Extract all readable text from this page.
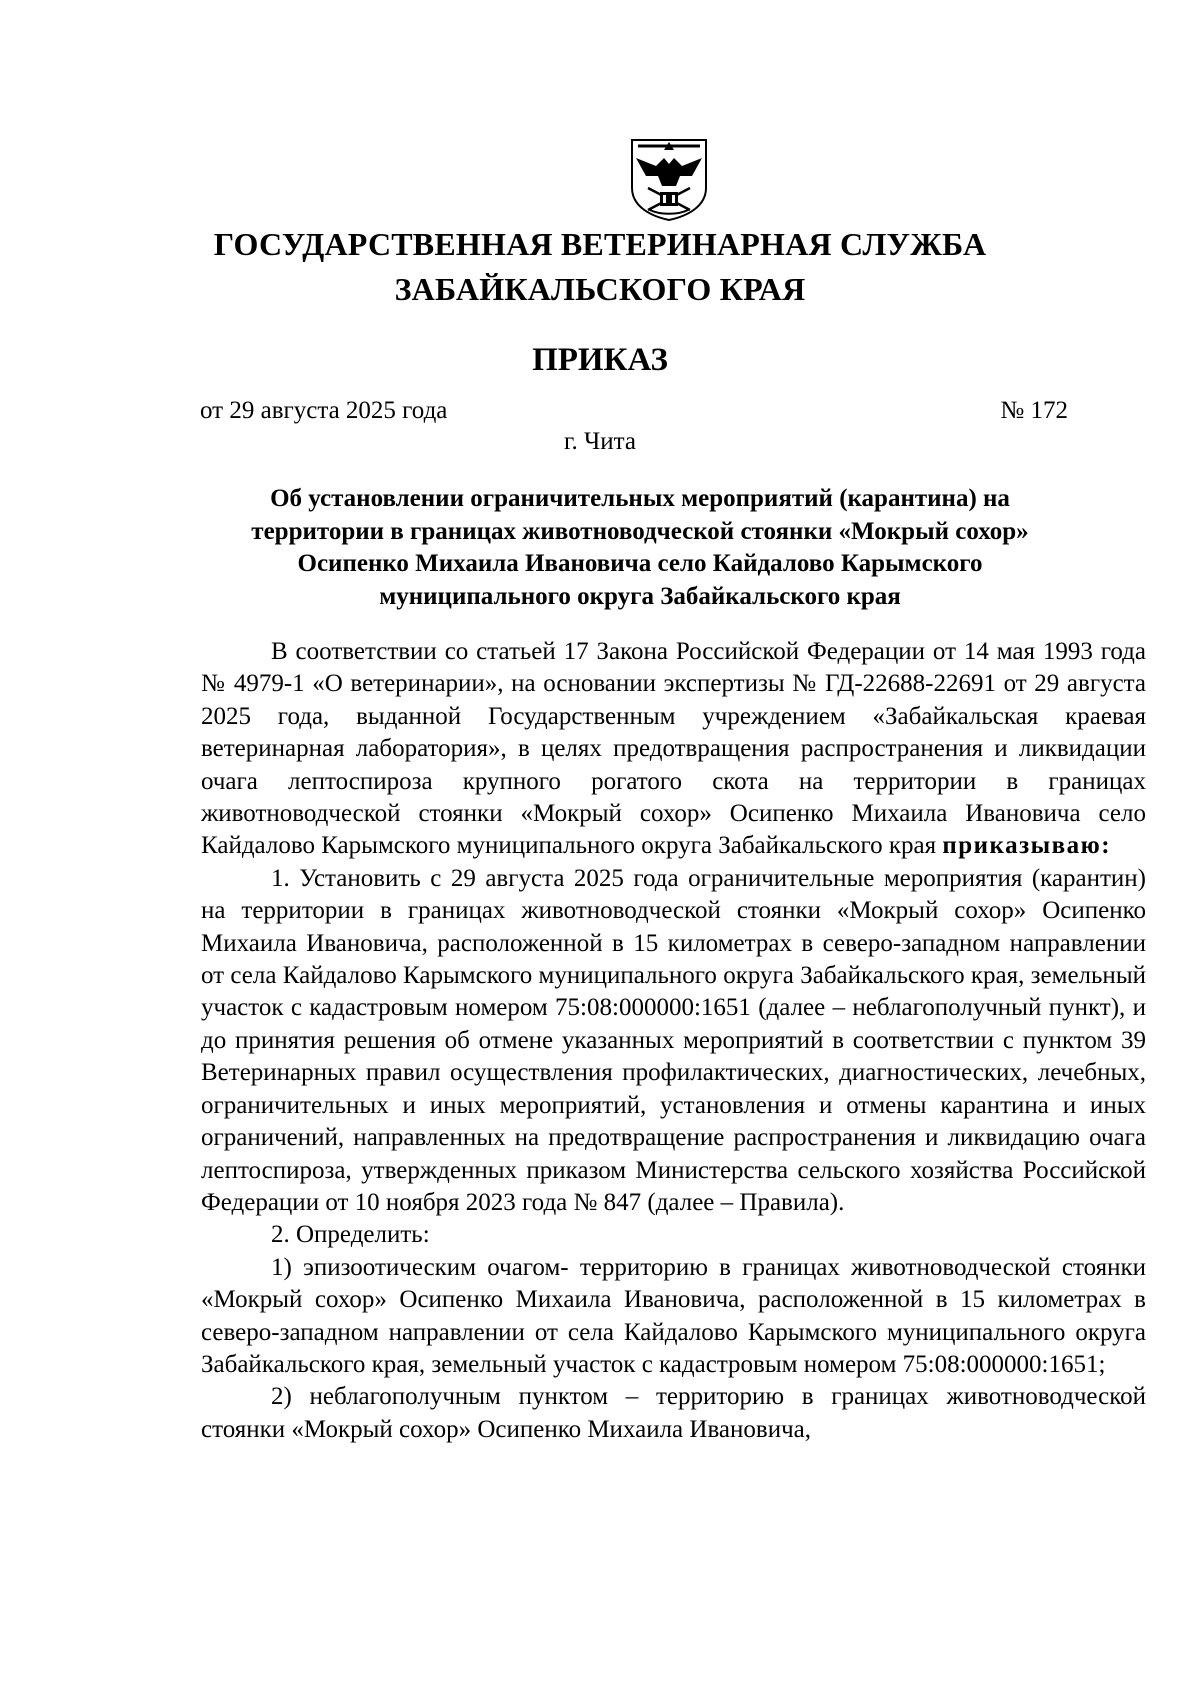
ГОСУДАРСТВЕННАЯ ВЕТЕРИНАРНАЯ СЛУЖБА
ЗАБАЙКАЛЬСКОГО КРАЯ
ПРИКАЗ
от 29 августа 2025 года	№ 172
г. Чита
Об установлении ограничительных мероприятий (карантина) на
территории в границах животноводческой стоянки «Мокрый сохор»
Осипенко Михаила Ивановича село Кайдалово Карымского
муниципального округа Забайкальского края

В соответствии со статьей 17 Закона Российской Федерации от 14 мая 1993 года № 4979-1 «О ветеринарии», на основании экспертизы № ГД-22688-22691 от 29 августа 2025 года, выданной Государственным учреждением «Забайкальская краевая ветеринарная лаборатория», в целях предотвращения распространения и ликвидации очага лептоспироза крупного рогатого скота на территории в границах животноводческой стоянки «Мокрый сохор» Осипенко Михаила Ивановича село Кайдалово Карымского муниципального округа Забайкальского края приказываю:

1. Установить с 29 августа 2025 года ограничительные мероприятия (карантин) на территории в границах животноводческой стоянки «Мокрый сохор» Осипенко Михаила Ивановича, расположенной в 15 километрах в северо-западном направлении от села Кайдалово Карымского муниципального округа Забайкальского края, земельный участок с кадастровым номером 75:08:000000:1651 (далее – неблагополучный пункт), и до принятия решения об отмене указанных мероприятий в соответствии с пунктом 39 Ветеринарных правил осуществления профилактических, диагностических, лечебных, ограничительных и иных мероприятий, установления и отмены карантина и иных ограничений, направленных на предотвращение распространения и ликвидацию очага лептоспироза, утвержденных приказом Министерства сельского хозяйства Российской Федерации от 10 ноября 2023 года № 847 (далее – Правила).

2. Определить:

1) эпизоотическим очагом- территорию в границах животноводческой стоянки «Мокрый сохор» Осипенко Михаила Ивановича, расположенной в 15 километрах в северо-западном направлении от села Кайдалово Карымского муниципального округа Забайкальского края, земельный участок с кадастровым номером 75:08:000000:1651;

2) неблагополучным пунктом – территорию в границах животноводческой стоянки «Мокрый сохор» Осипенко Михаила Ивановича,
